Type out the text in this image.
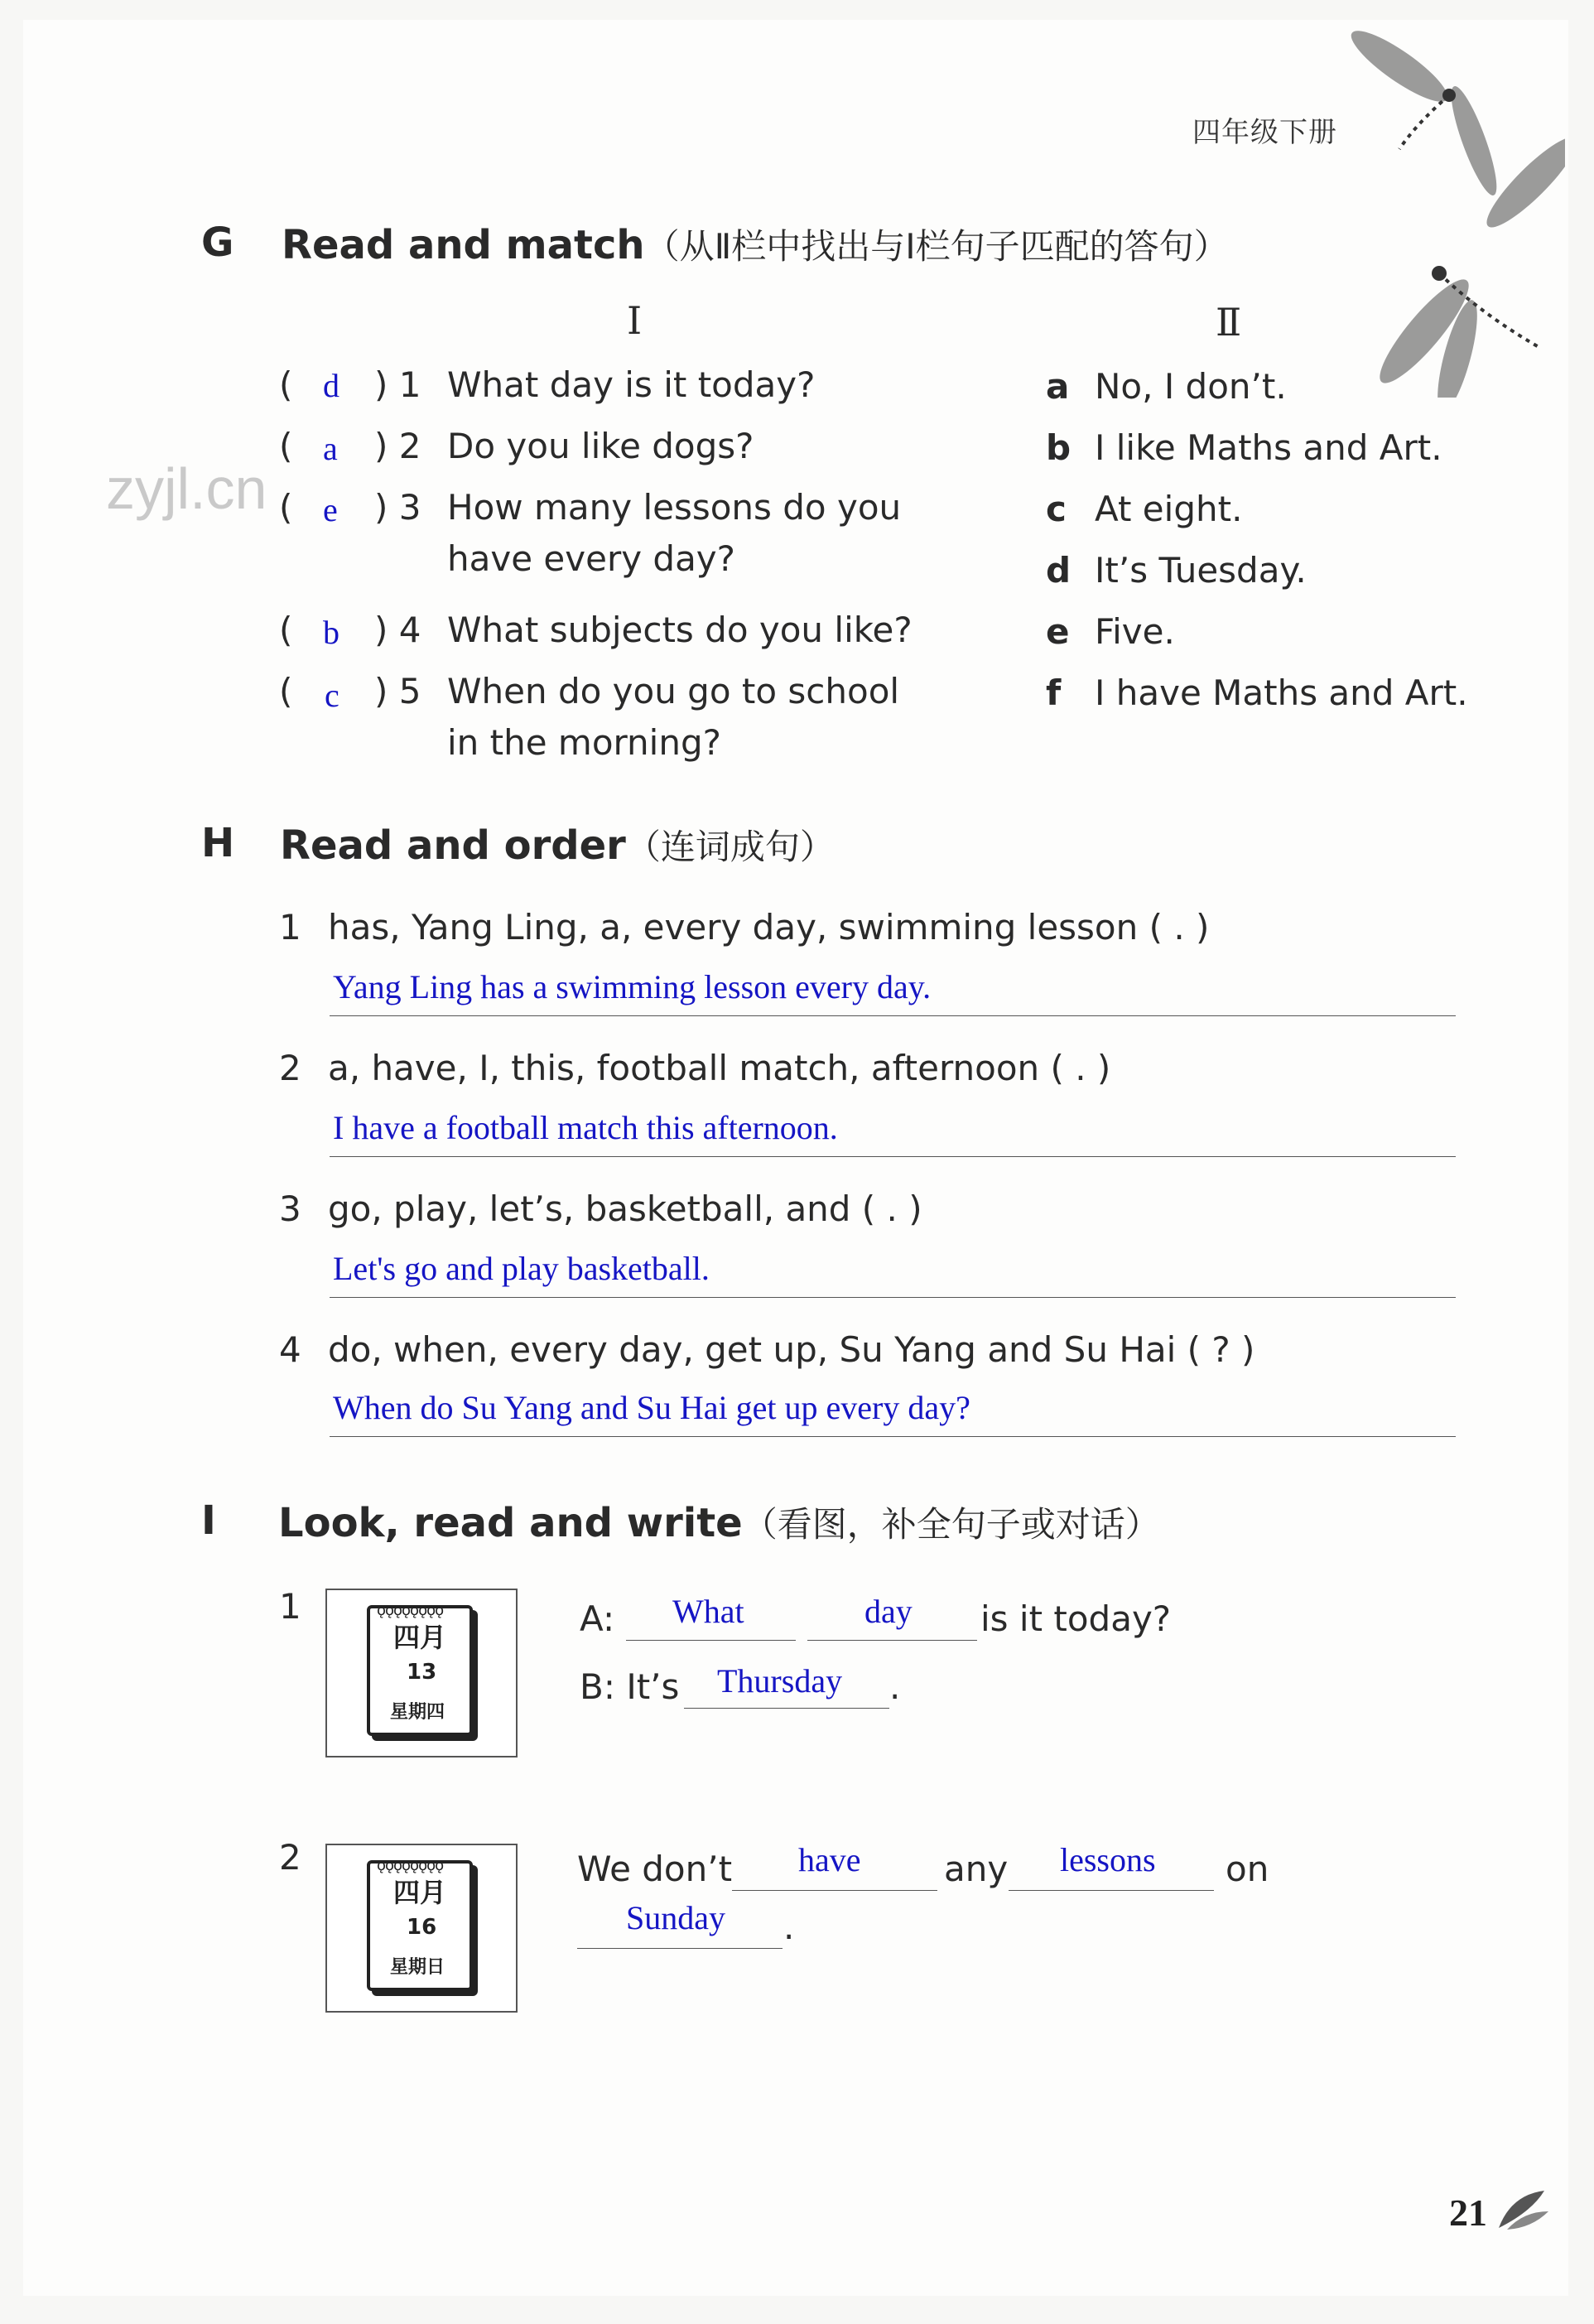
四年级下册
zyjl.cn
G Read and match（从Ⅱ栏中找出与Ⅰ栏句子匹配的答句）
Ⅰ	Ⅱ
( d ) 1 What day is it today?
( a ) 2 Do you like dogs?
( e ) 3 How many lessons do you
have every day?
( b ) 4 What subjects do you like?
( c ) 5 When do you go to school
in the morning?
a No, I don’t.
b I like Maths and Art.
c At eight.
d It’s Tuesday.
e Five.
f I have Maths and Art.
H Read and order（连词成句）
1 has, Yang Ling, a, every day, swimming lesson ( . )
Yang Ling has a swimming lesson every day.
2 a, have, I, this, football match, afternoon ( . )
I have a football match this afternoon.
3 go, play, let’s, basketball, and ( . )
Let's go and play basketball.
4 do, when, every day, get up, Su Yang and Su Hai ( ? )
When do Su Yang and Su Hai get up every day?
I Look, read and write（看图，补全句子或对话）
1	ǫǫǫǫǫǫǫǫ
四月
13
星期四
A: What	day is it today?
B: It’s Thursday .
2	ǫǫǫǫǫǫǫǫ
四月
16
星期日
We don’t have any lessons on
Sunday .
21
